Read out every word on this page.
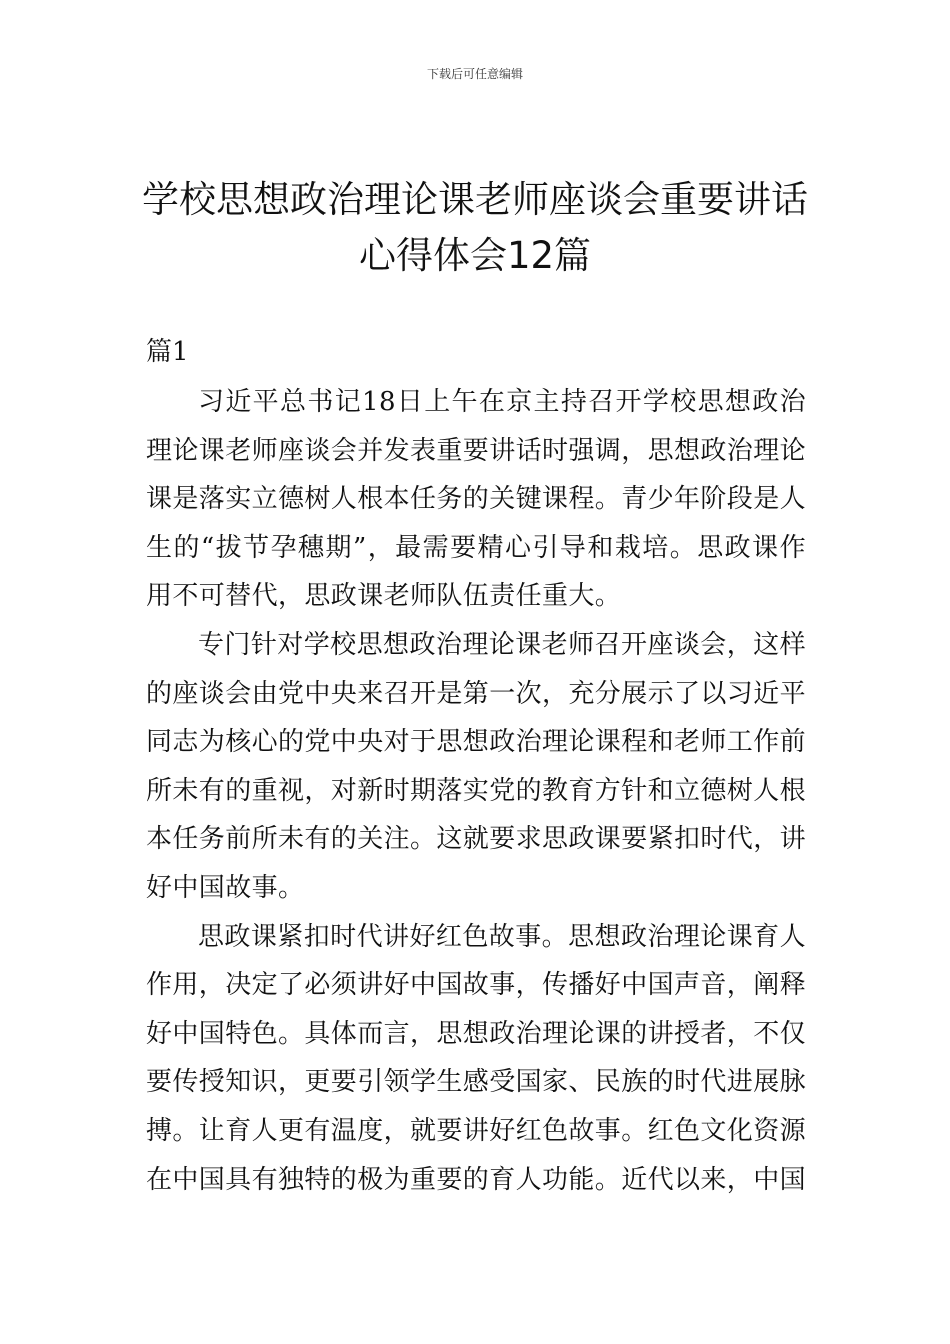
下载后可任意编辑
学校思想政治理论课老师座谈会重要讲话
心得体会12篇
篇1

习近平总书记18日上午在京主持召开学校思想政治理论课老师座谈会并发表重要讲话时强调，思想政治理论课是落实立德树人根本任务的关键课程。青少年阶段是人生的“拔节孕穗期”，最需要精心引导和栽培。思政课作用不可替代，思政课老师队伍责任重大。

专门针对学校思想政治理论课老师召开座谈会，这样的座谈会由党中央来召开是第一次，充分展示了以习近平同志为核心的党中央对于思想政治理论课程和老师工作前所未有的重视，对新时期落实党的教育方针和立德树人根本任务前所未有的关注。这就要求思政课要紧扣时代，讲好中国故事。

思政课紧扣时代讲好红色故事。思想政治理论课育人作用，决定了必须讲好中国故事，传播好中国声音，阐释好中国特色。具体而言，思想政治理论课的讲授者，不仅要传授知识，更要引领学生感受国家、民族的时代进展脉搏。让育人更有温度，就要讲好红色故事。红色文化资源在中国具有独特的极为重要的育人功能。近代以来，中国
